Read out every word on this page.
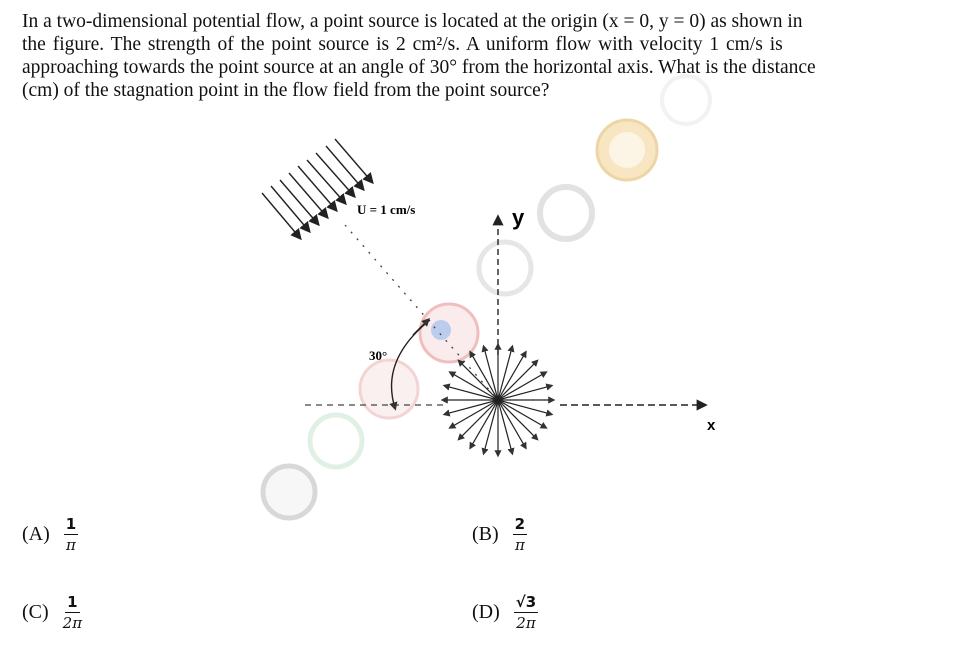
In a two-dimensional potential flow, a point source is located at the origin (x = 0, y = 0) as shown in
the figure. The strength of the point source is 2 cm²/s. A uniform flow with velocity 1 cm/s is
approaching towards the point source at an angle of 30° from the horizontal axis. What is the distance
(cm) of the stagnation point in the flow field from the point source?
U = 1 cm/s
30°
y
x
$(A) \frac{1}{\pi}$	$(B) \frac{2}{\pi}$
$(C) \frac{1}{2\pi}$	$(D) \frac{√3}{2\pi}$
